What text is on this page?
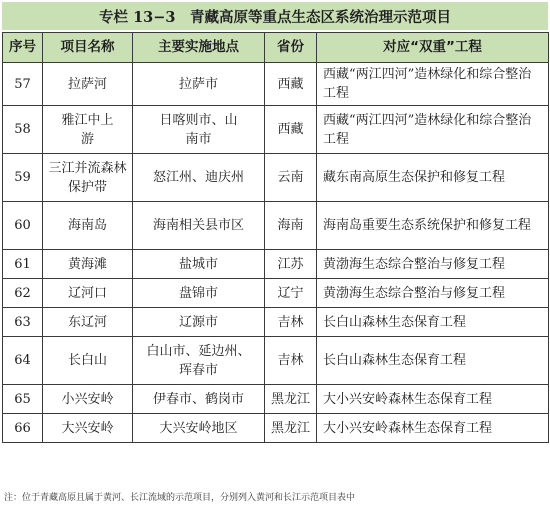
专栏 13−3　青藏高原等重点生态区系统治理示范项目
序号	项目名称	主要实施地点	省份	对应“双重”工程
57	拉萨河	拉萨市	西藏	西藏“两江四河”造林绿化和综合整治工程
58	雅江中上游	日喀则市、山南市	西藏	西藏“两江四河”造林绿化和综合整治工程
59	三江并流森林保护带	怒江州、迪庆州	云南	藏东南高原生态保护和修复工程
60	海南岛	海南相关县市区	海南	海南岛重要生态系统保护和修复工程
61	黄海滩	盐城市	江苏	黄渤海生态综合整治与修复工程
62	辽河口	盘锦市	辽宁	黄渤海生态综合整治与修复工程
63	东辽河	辽源市	吉林	长白山森林生态保育工程
64	长白山	白山市、延边州、珲春市	吉林	长白山森林生态保育工程
65	小兴安岭	伊春市、鹤岗市	黑龙江	大小兴安岭森林生态保育工程
66	大兴安岭	大兴安岭地区	黑龙江	大小兴安岭森林生态保育工程
注：位于青藏高原且属于黄河、长江流域的示范项目，分别列入黄河和长江示范项目表中
